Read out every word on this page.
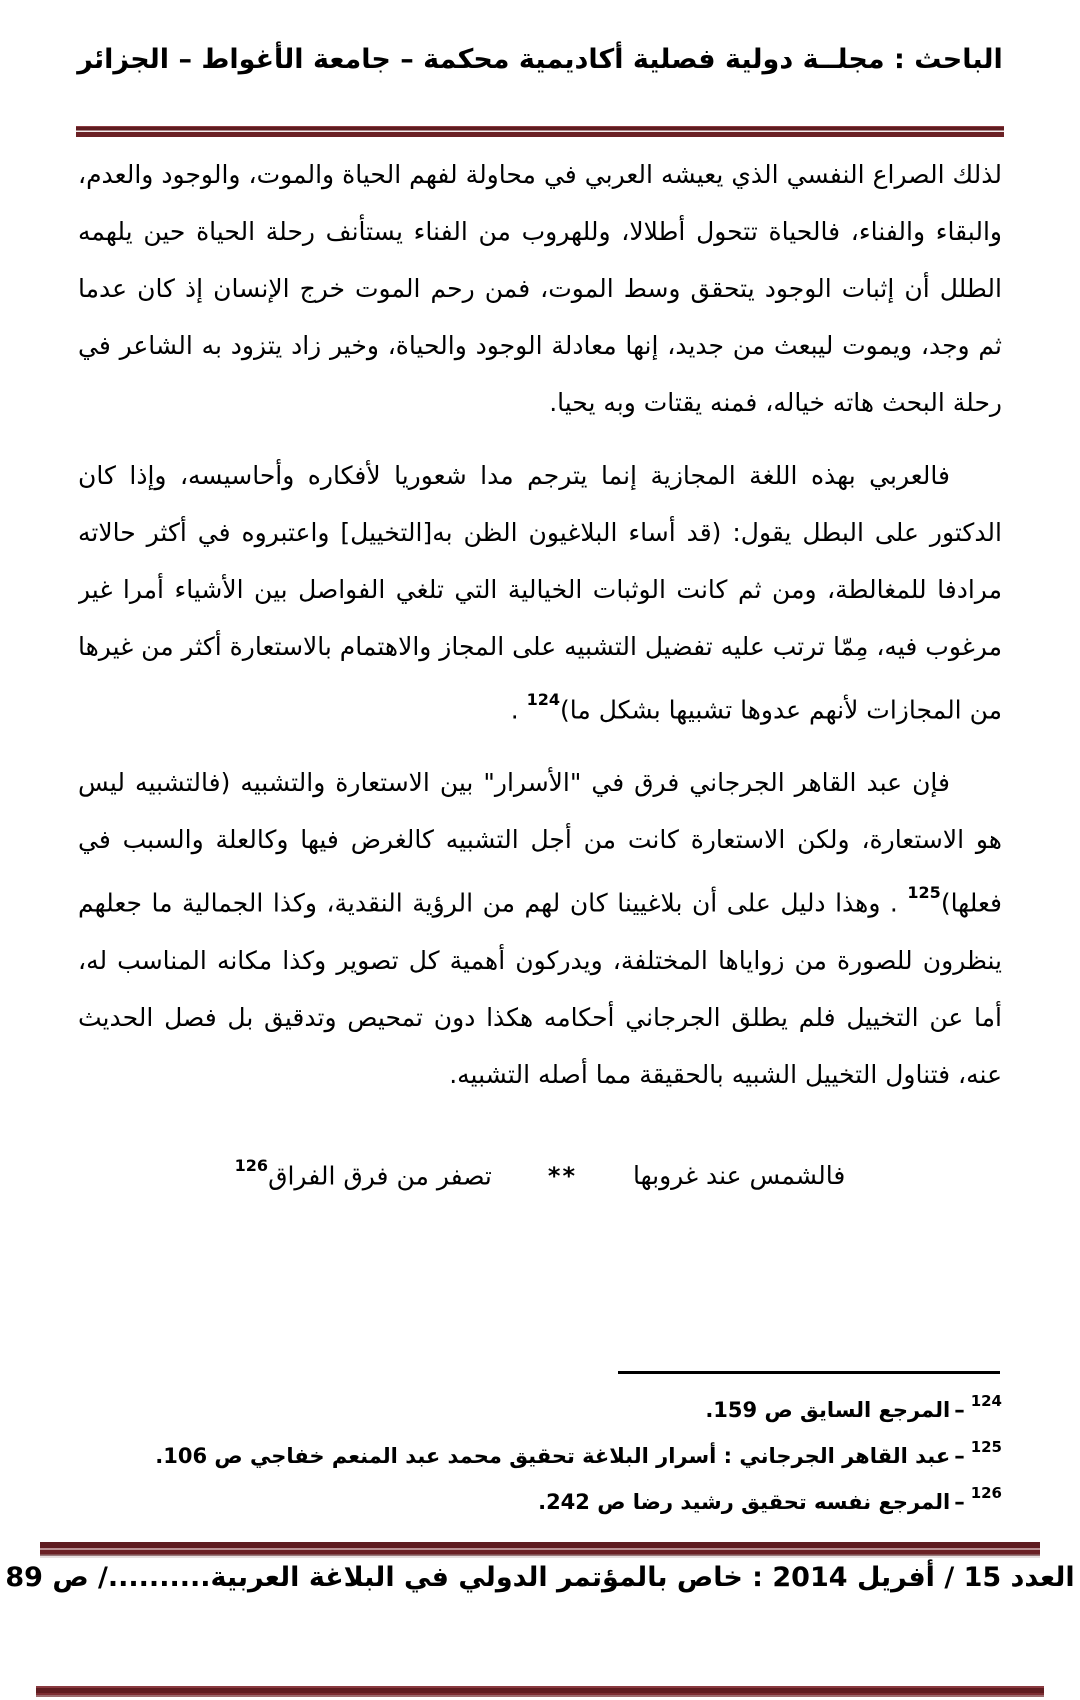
الباحث : مجلــة دولية فصلية أكاديمية محكمة – جامعة الأغواط – الجزائر

لذلك الصراع النفسي الذي يعيشه العربي في محاولة لفهم الحياة والموت، والوجود والعدم، والبقاء والفناء، فالحياة تتحول أطلالا، وللهروب من الفناء يستأنف رحلة الحياة حين يلهمه الطلل أن إثبات الوجود يتحقق وسط الموت، فمن رحم الموت خرج الإنسان إذ كان عدما ثم وجد، ويموت ليبعث من جديد، إنها معادلة الوجود والحياة، وخير زاد يتزود به الشاعر في رحلة البحث هاته خياله، فمنه يقتات وبه يحيا.

فالعربي بهذه اللغة المجازية إنما يترجم مدا شعوريا لأفكاره وأحاسيسه، وإذا كان الدكتور على البطل يقول: (قد أساء البلاغيون الظن به[التخييل] واعتبروه في أكثر حالاته مرادفا للمغالطة، ومن ثم كانت الوثبات الخيالية التي تلغي الفواصل بين الأشياء أمرا غير مرغوب فيه، مِمّا ترتب عليه تفضيل التشبيه على المجاز والاهتمام بالاستعارة أكثر من غيرها من المجازات لأنهم عدوها تشبيها بشكل ما)$^{124}$ .

فإن عبد القاهر الجرجاني فرق في "الأسرار" بين الاستعارة والتشبيه (فالتشبيه ليس هو الاستعارة، ولكن الاستعارة كانت من أجل التشبيه كالغرض فيها وكالعلة والسبب في فعلها)$^{125}$ . وهذا دليل على أن بلاغيينا كان لهم من الرؤية النقدية، وكذا الجمالية ما جعلهم ينظرون للصورة من زواياها المختلفة، ويدركون أهمية كل تصوير وكذا مكانه المناسب له، أما عن التخييل فلم يطلق الجرجاني أحكامه هكذا دون تمحيص وتدقيق بل فصل الحديث عنه، فتناول التخييل الشبيه بالحقيقة مما أصله التشبيه.

فالشمس عند غروبها
**
تصفر من فرق الفراق$^{126}$

$^{124}$–المرجع السايق ص 159.

$^{125}$–عبد القاهر الجرجاني : أسرار البلاغة تحقيق محمد عبد المنعم خفاجي ص 106.

$^{126}$–المرجع نفسه تحقيق رشيد رضا ص 242.

العدد 15 / أفريل 2014 : خاص بالمؤتمر الدولي في البلاغة العربية........../ ص 89
